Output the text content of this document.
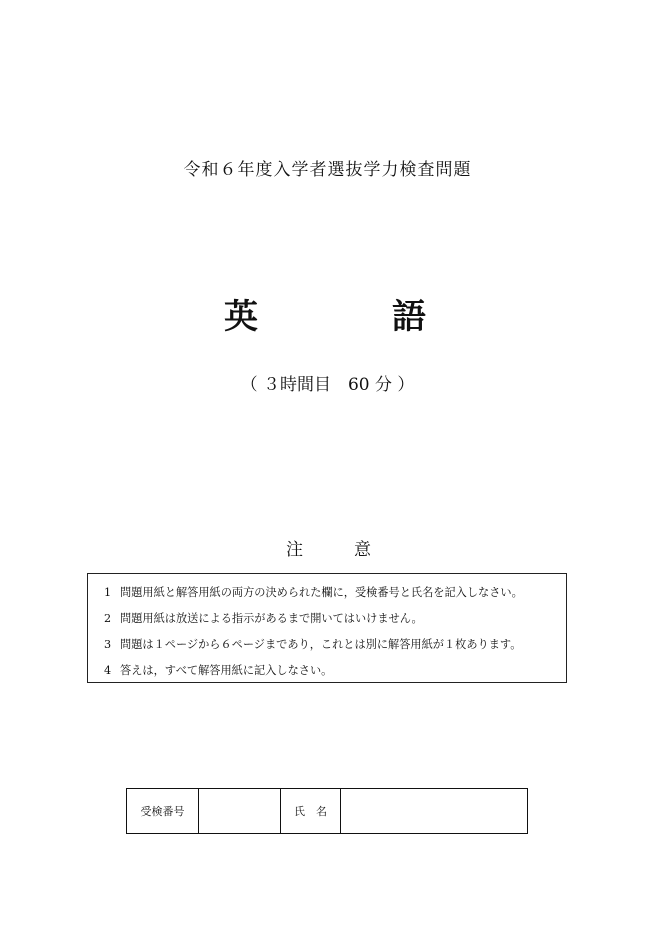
令和６年度入学者選抜学力検査問題
英	語
（ ３時間目　60 分 ）
注	意
1 問題用紙と解答用紙の両方の決められた欄に，受検番号と氏名を記入しなさい。
2 問題用紙は放送による指示があるまで開いてはいけません。
3 問題は１ページから６ページまであり，これとは別に解答用紙が１枚あります。
4 答えは，すべて解答用紙に記入しなさい。
受検番号	氏　名
